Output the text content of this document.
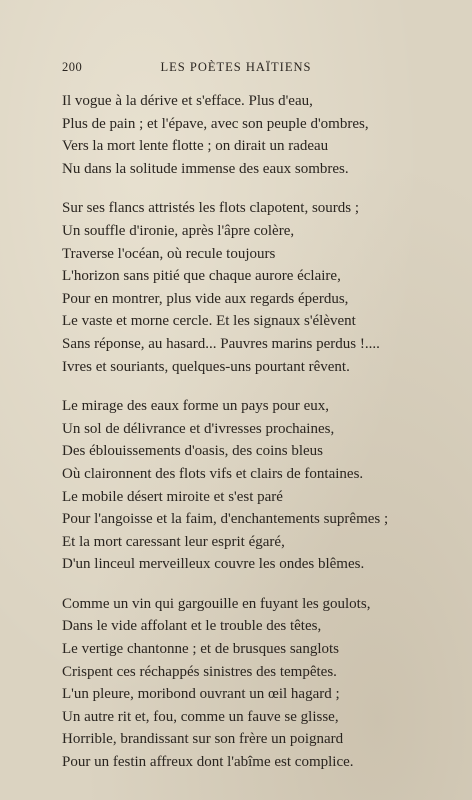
200	LES POÈTES HAÏTIENS
Il vogue à la dérive et s'efface. Plus d'eau,
Plus de pain ; et l'épave, avec son peuple d'ombres,
Vers la mort lente flotte ; on dirait un radeau
Nu dans la solitude immense des eaux sombres.
Sur ses flancs attristés les flots clapotent, sourds ;
Un souffle d'ironie, après l'âpre colère,
Traverse l'océan, où recule toujours
L'horizon sans pitié que chaque aurore éclaire,
Pour en montrer, plus vide aux regards éperdus,
Le vaste et morne cercle. Et les signaux s'élèvent
Sans réponse, au hasard... Pauvres marins perdus !....
Ivres et souriants, quelques-uns pourtant rêvent.
Le mirage des eaux forme un pays pour eux,
Un sol de délivrance et d'ivresses prochaines,
Des éblouissements d'oasis, des coins bleus
Où claironnent des flots vifs et clairs de fontaines.
Le mobile désert miroite et s'est paré
Pour l'angoisse et la faim, d'enchantements suprêmes ;
Et la mort caressant leur esprit égaré,
D'un linceul merveilleux couvre les ondes blêmes.
Comme un vin qui gargouille en fuyant les goulots,
Dans le vide affolant et le trouble des têtes,
Le vertige chantonne ; et de brusques sanglots
Crispent ces réchappés sinistres des tempêtes.
L'un pleure, moribond ouvrant un œil hagard ;
Un autre rit et, fou, comme un fauve se glisse,
Horrible, brandissant sur son frère un poignard
Pour un festin affreux dont l'abîme est complice.
